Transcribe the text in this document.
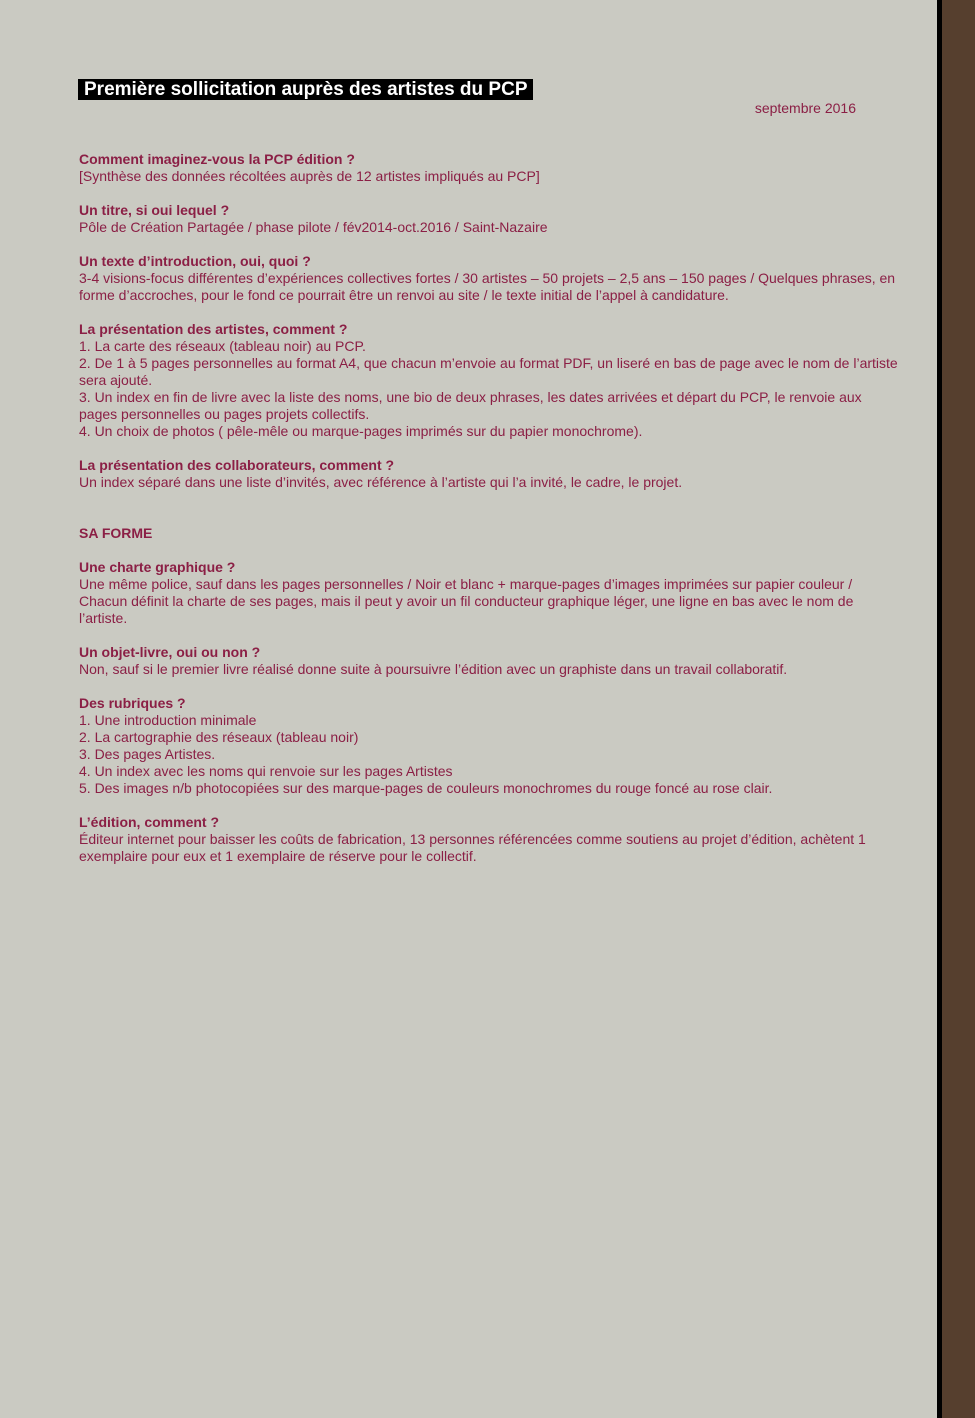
Première sollicitation auprès des artistes du PCP
septembre 2016

Comment imaginez-vous la PCP édition ?

[Synthèse des données récoltées auprès de 12 artistes impliqués au PCP]

Un titre, si oui lequel ?

Pôle de Création Partagée / phase pilote / fév2014-oct.2016 / Saint-Nazaire

Un texte d’introduction, oui, quoi ?

3-4 visions-focus différentes d’expériences collectives fortes / 30 artistes – 50 projets – 2,5 ans – 150 pages / Quelques phrases, en forme d’accroches, pour le fond ce pourrait être un renvoi au site / le texte initial de l’appel à candidature.

La présentation des artistes, comment ?

1. La carte des réseaux (tableau noir) au PCP.

2. De 1 à 5 pages personnelles au format A4, que chacun m’envoie au format PDF, un liseré en bas de page avec le nom de l’artiste sera ajouté.

3. Un index en fin de livre avec la liste des noms, une bio de deux phrases, les dates arrivées et départ du PCP, le renvoie aux pages personnelles ou pages projets collectifs.

4. Un choix de photos ( pêle-mêle ou marque-pages imprimés sur du papier monochrome).

La présentation des collaborateurs, comment ?

Un index séparé dans une liste d’invités, avec référence à l’artiste qui l’a invité, le cadre, le projet.

SA FORME

Une charte graphique ?

Une même police, sauf dans les pages personnelles / Noir et blanc + marque-pages d’images imprimées sur papier couleur / Chacun définit la charte de ses pages, mais il peut y avoir un fil conducteur graphique léger, une ligne en bas avec le nom de l’artiste.

Un objet-livre, oui ou non ?

Non, sauf si le premier livre réalisé donne suite à poursuivre l’édition avec un graphiste dans un travail collaboratif.

Des rubriques ?

1. Une introduction minimale

2. La cartographie des réseaux (tableau noir)

3. Des pages Artistes.

4. Un index avec les noms qui renvoie sur les pages Artistes

5. Des images n/b photocopiées sur des marque-pages de couleurs monochromes du rouge foncé au rose clair.

L’édition, comment ?

Éditeur internet pour baisser les coûts de fabrication, 13 personnes référencées comme soutiens au projet d’édition, achètent 1 exemplaire pour eux et 1 exemplaire de réserve pour le collectif.
